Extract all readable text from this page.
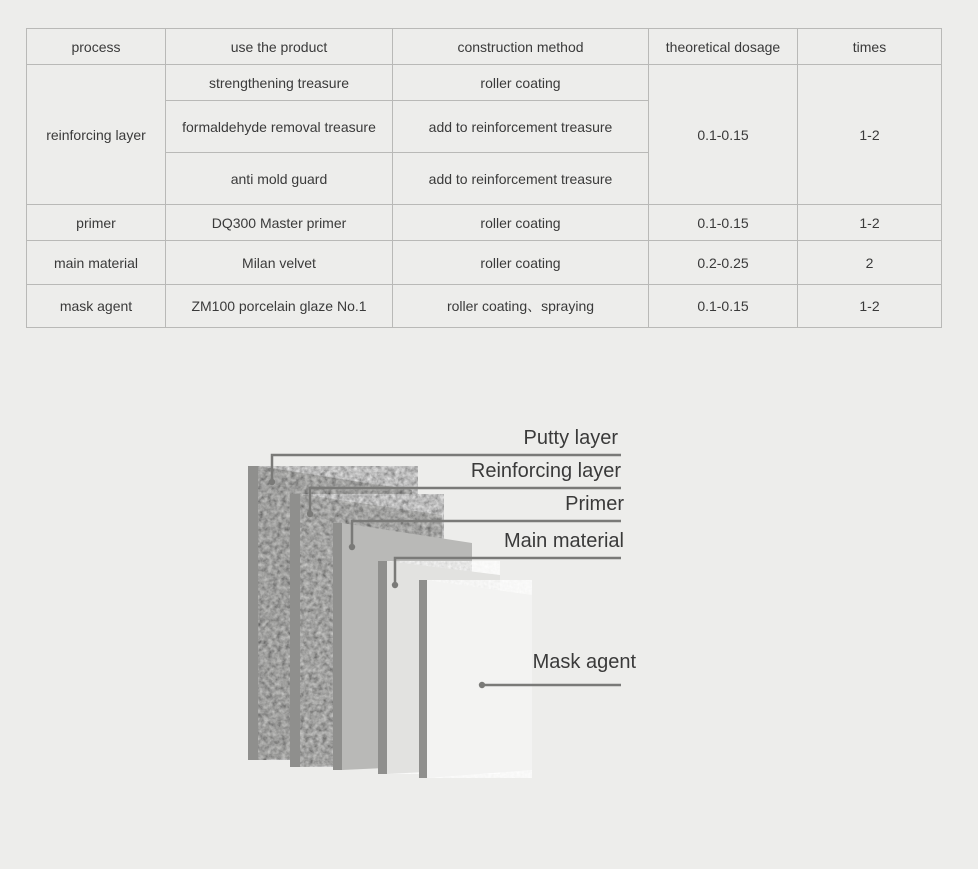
process	use the product	construction method	theoretical dosage	times
reinforcing layer	strengthening treasure	roller coating	0.1-0.15	1-2
	formaldehyde removal treasure	add to reinforcement treasure		
	anti mold guard	add to reinforcement treasure		
primer	DQ300 Master primer	roller coating	0.1-0.15	1-2
main material	Milan velvet	roller coating	0.2-0.25	2
mask agent	ZM100 porcelain glaze No.1	roller coating、spraying	0.1-0.15	1-2
Putty layer
Reinforcing layer
Primer
Main material
Mask agent
